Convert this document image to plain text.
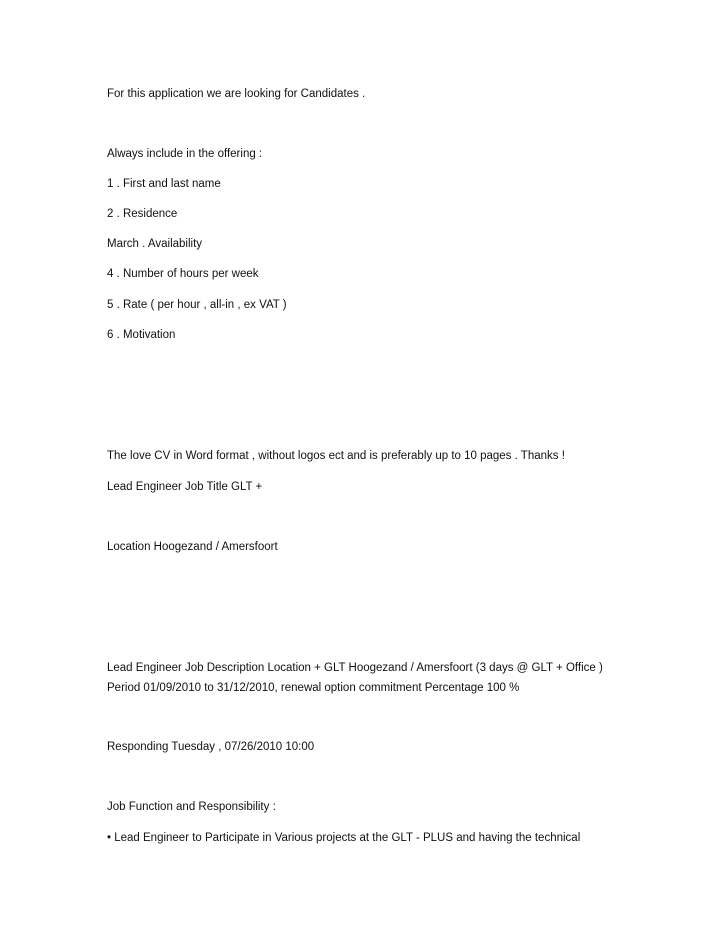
For this application we are looking for Candidates .

Always include in the offering :

1 . First and last name

2 . Residence

March . Availability

4 . Number of hours per week

5 . Rate ( per hour , all-in , ex VAT )

6 . Motivation

The love CV in Word format , without logos ect and is preferably up to 10 pages . Thanks !

Lead Engineer Job Title GLT +

Location Hoogezand / Amersfoort

Lead Engineer Job Description Location + GLT Hoogezand / Amersfoort (3 days @ GLT + Office )

Period 01/09/2010 to 31/12/2010, renewal option commitment Percentage 100 %

Responding Tuesday , 07/26/2010 10:00

Job Function and Responsibility :

• Lead Engineer to Participate in Various projects at the GLT - PLUS and having the technical
